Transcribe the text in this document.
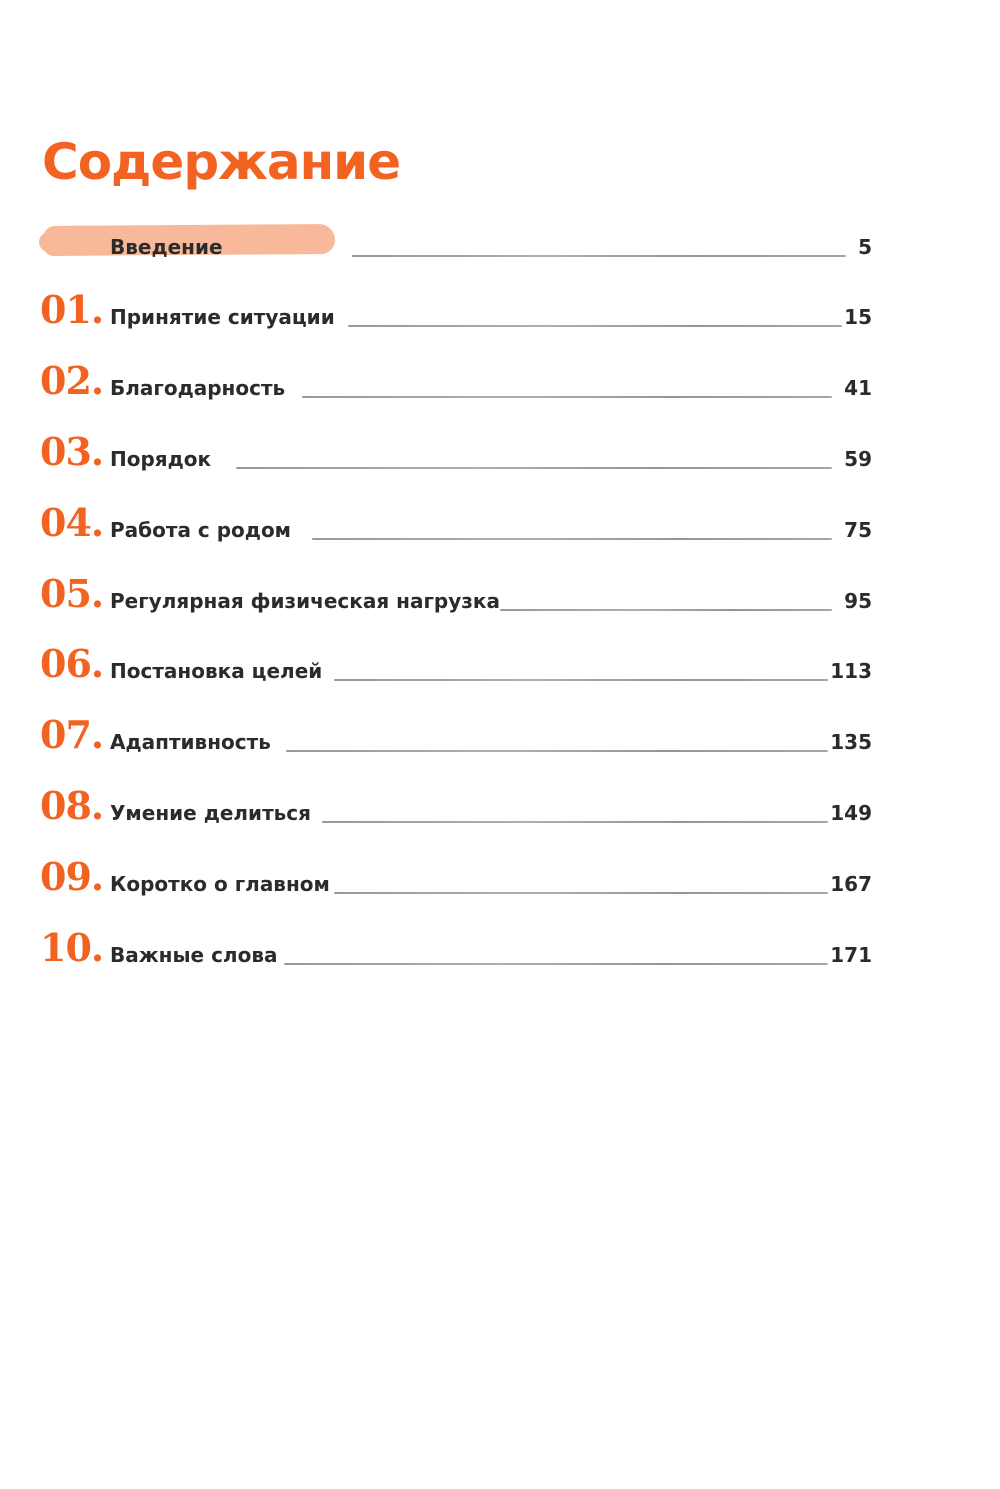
Содержание
Введение	5
01. Принятие ситуации	15
02. Благодарность	41
03. Порядок	59
04. Работа с родом	75
05. Регулярная физическая нагрузка	95
06. Постановка целей	113
07. Адаптивность	135
08. Умение делиться	149
09. Коротко о главном	167
10. Важные слова	171
